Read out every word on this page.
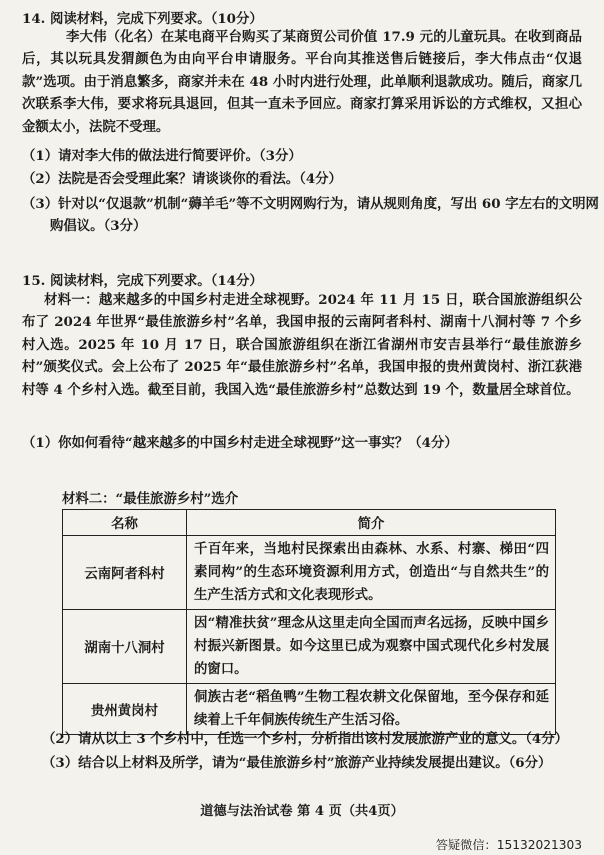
14. 阅读材料，完成下列要求。（10分）
李大伟（化名）在某电商平台购买了某商贸公司价值 17.9 元的儿童玩具。在收到商品后，其以玩具发猬颜色为由向平台申请服务。平台向其推送售后链接后，李大伟点击“仅退款”选项。由于消息繁多，商家并未在 48 小时内进行处理，此单顺利退款成功。随后，商家几次联系李大伟，要求将玩具退回，但其一直未予回应。商家打算采用诉讼的方式维权，又担心金额太小，法院不受理。
（1）请对李大伟的做法进行简要评价。（3分）
（2）法院是否会受理此案？请谈谈你的看法。（4分）
（3）针对以“仅退款”机制“薅羊毛”等不文明网购行为，请从规则角度，写出 60 字左右的文明网购倡议。（3分）
15. 阅读材料，完成下列要求。（14分）
材料一：越来越多的中国乡村走进全球视野。2024 年 11 月 15 日，联合国旅游组织公布了 2024 年世界“最佳旅游乡村”名单，我国申报的云南阿者科村、湖南十八洞村等 7 个乡村入选。2025 年 10 月 17 日，联合国旅游组织在浙江省湖州市安吉县举行“最佳旅游乡村”颁奖仪式。会上公布了 2025 年“最佳旅游乡村”名单，我国申报的贵州黄岗村、浙江荻港村等 4 个乡村入选。截至目前，我国入选“最佳旅游乡村”总数达到 19 个，数量居全球首位。
（1）你如何看待“越来越多的中国乡村走进全球视野”这一事实？（4分）
材料二：“最佳旅游乡村”选介
名称	简介
云南阿者科村	千百年来，当地村民探索出由森林、水系、村寨、梯田“四素同构”的生态环境资源利用方式，创造出“与自然共生”的生产生活方式和文化表现形式。
湖南十八洞村	因“精准扶贫”理念从这里走向全国而声名远扬，反映中国乡村振兴新图景。如今这里已成为观察中国式现代化乡村发展的窗口。
贵州黄岗村	侗族古老“稻鱼鸭”生物工程农耕文化保留地，至今保存和延续着上千年侗族传统生产生活习俗。
（2）请从以上 3 个乡村中，任选一个乡村，分析指出该村发展旅游产业的意义。（4分）
（3）结合以上材料及所学，请为“最佳旅游乡村”旅游产业持续发展提出建议。（6分）
道德与法治试卷 第 4 页（共4页）
答疑微信：15132021303
